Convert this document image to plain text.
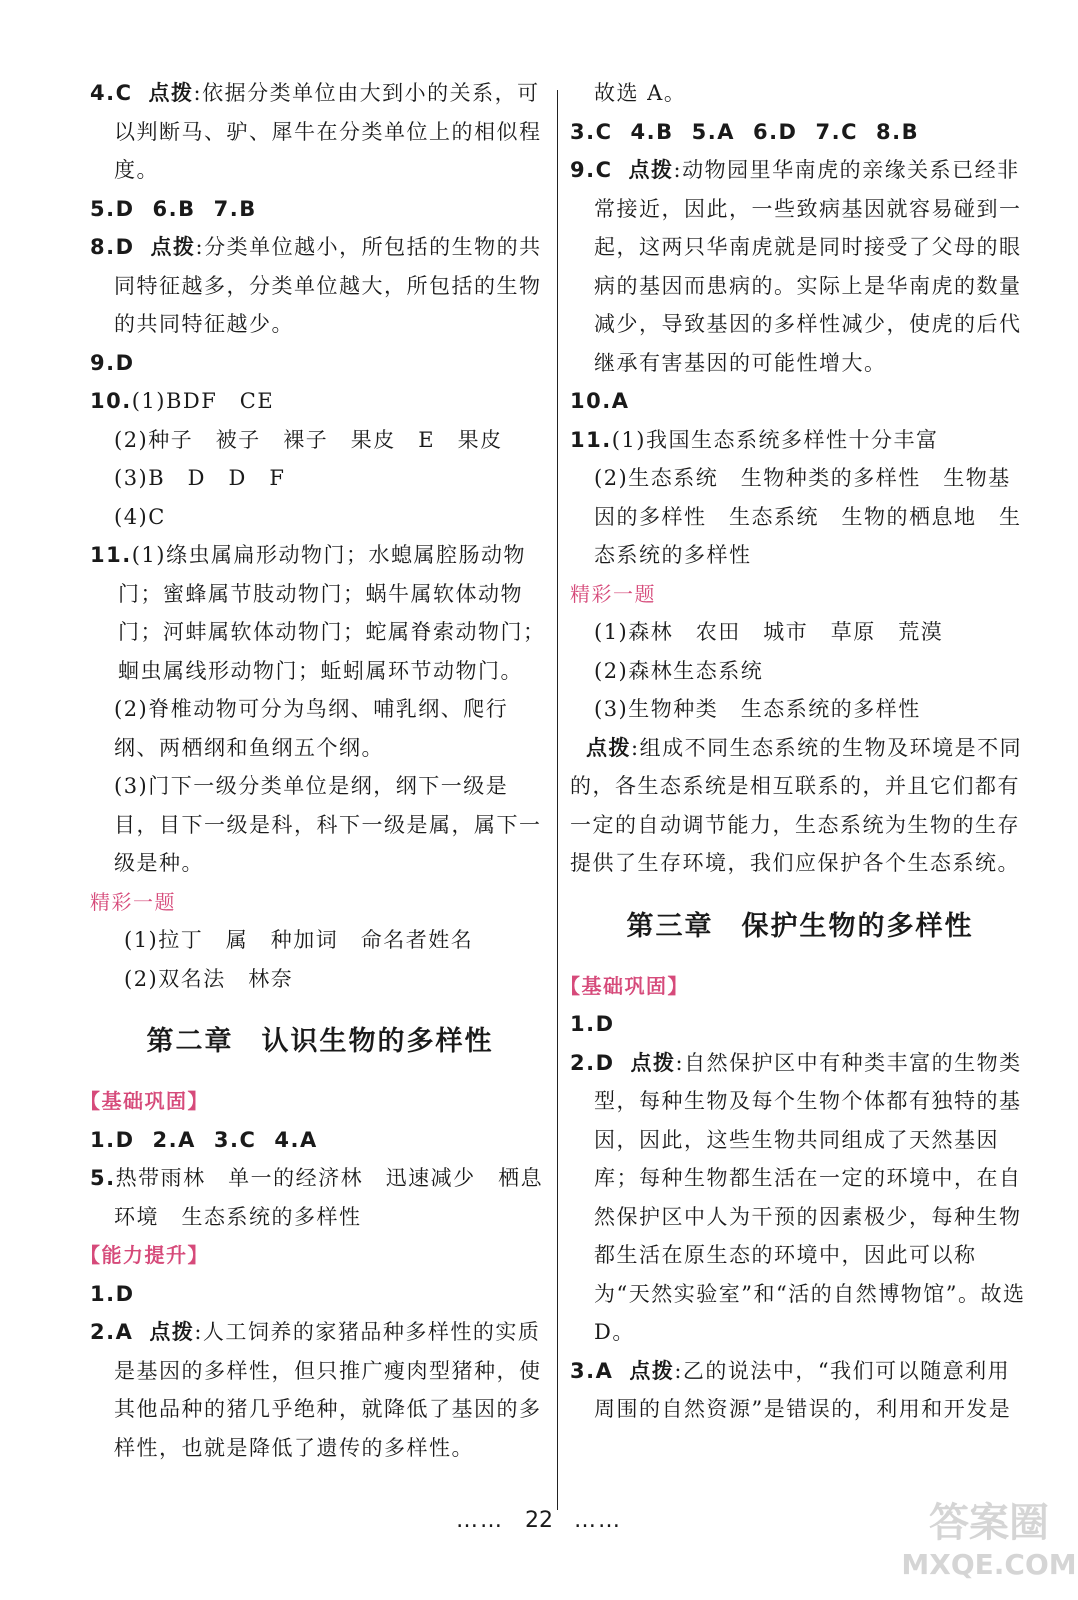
4.C 点拨:依据分类单位由大到小的关系，可以判断马、驴、犀牛在分类单位上的相似程度。

5.D 6.B 7.B

8.D 点拨:分类单位越小，所包括的生物的共同特征越多，分类单位越大，所包括的生物的共同特征越少。

9.D

10.(1)BDF　CE

(2)种子　被子　裸子　果皮　E　果皮

(3)B　D　D　F

(4)C

11.(1)绦虫属扁形动物门；水螅属腔肠动物门；蜜蜂属节肢动物门；蜗牛属软体动物门；河蚌属软体动物门；蛇属脊索动物门；蛔虫属线形动物门；蚯蚓属环节动物门。

(2)脊椎动物可分为鸟纲、哺乳纲、爬行纲、两栖纲和鱼纲五个纲。

(3)门下一级分类单位是纲，纲下一级是目，目下一级是科，科下一级是属，属下一级是种。

精彩一题

(1)拉丁　属　种加词　命名者姓名

(2)双名法　林奈

第二章 认识生物的多样性

【基础巩固】

1.D 2.A 3.C 4.A

5.热带雨林　单一的经济林　迅速减少　栖息环境　生态系统的多样性

【能力提升】

1.D

2.A 点拨:人工饲养的家猪品种多样性的实质是基因的多样性，但只推广瘦肉型猪种，使其他品种的猪几乎绝种，就降低了基因的多样性，也就是降低了遗传的多样性。

故选 A。

3.C 4.B 5.A 6.D 7.C 8.B

9.C 点拨:动物园里华南虎的亲缘关系已经非常接近，因此，一些致病基因就容易碰到一起，这两只华南虎就是同时接受了父母的眼病的基因而患病的。实际上是华南虎的数量减少，导致基因的多样性减少，使虎的后代继承有害基因的可能性增大。

10.A

11.(1)我国生态系统多样性十分丰富

(2)生态系统　生物种类的多样性　生物基因的多样性　生态系统　生物的栖息地　生态系统的多样性

精彩一题

(1)森林　农田　城市　草原　荒漠

(2)森林生态系统

(3)生物种类　生态系统的多样性

点拨:组成不同生态系统的生物及环境是不同的，各生态系统是相互联系的，并且它们都有一定的自动调节能力，生态系统为生物的生存提供了生存环境，我们应保护各个生态系统。

第三章 保护生物的多样性

【基础巩固】

1.D

2.D 点拨:自然保护区中有种类丰富的生物类型，每种生物及每个生物个体都有独特的基因，因此，这些生物共同组成了天然基因库；每种生物都生活在一定的环境中，在自然保护区中人为干预的因素极少，每种生物都生活在原生态的环境中，因此可以称为“天然实验室”和“活的自然博物馆”。故选 D。

3.A 点拨:乙的说法中，“我们可以随意利用周围的自然资源”是错误的，利用和开发是

…… 22 ……	答案圈
MXQE.COM
